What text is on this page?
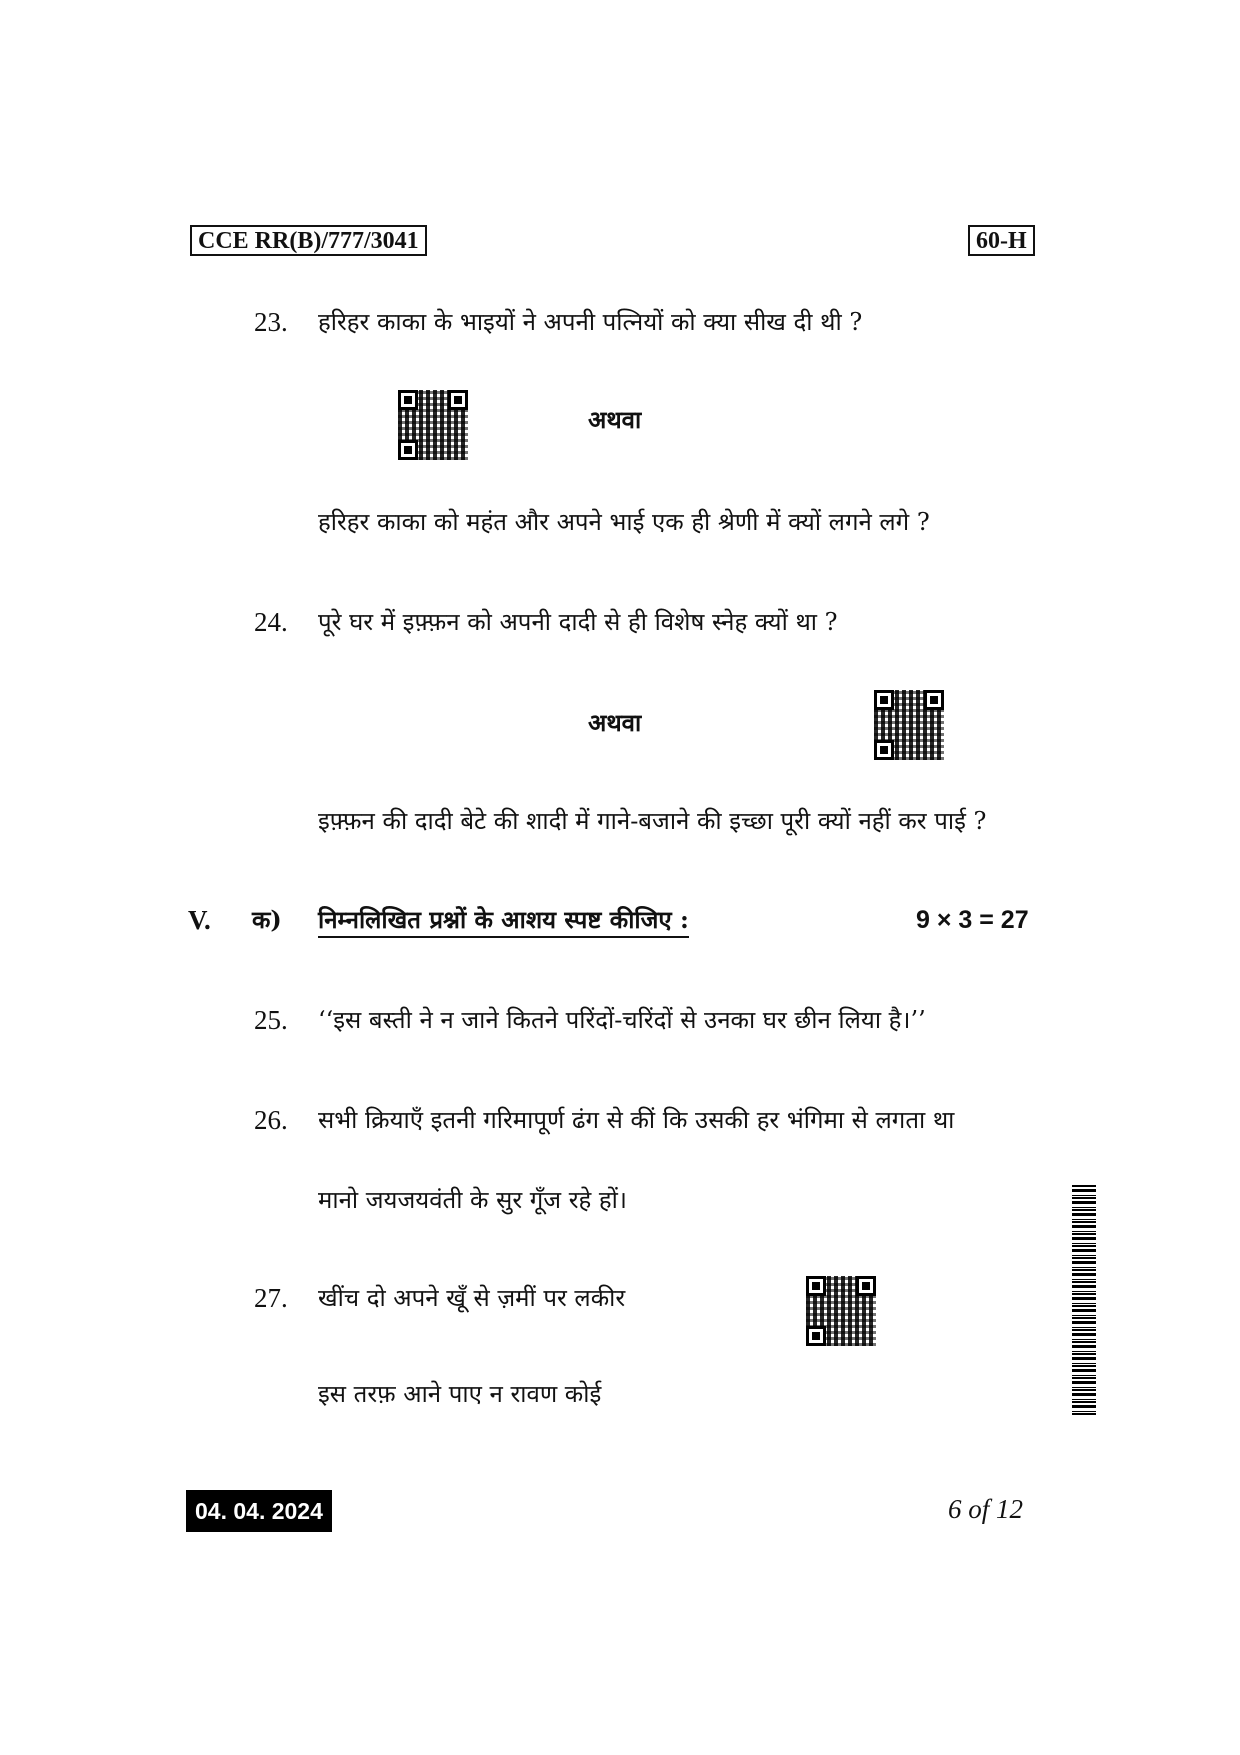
CCE RR(B)/777/3041	60-H
23. हरिहर काका के भाइयों ने अपनी पत्नियों को क्या सीख दी थी ?
अथवा
हरिहर काका को महंत और अपने भाई एक ही श्रेणी में क्यों लगने लगे ?
24. पूरे घर में इफ़्फ़न को अपनी दादी से ही विशेष स्नेह क्यों था ?
अथवा
इफ़्फ़न की दादी बेटे की शादी में गाने-बजाने की इच्छा पूरी क्यों नहीं कर पाई ?
V. क) निम्नलिखित प्रश्नों के आशय स्पष्ट कीजिए :	9 × 3 = 27
25. ‘‘इस बस्ती ने न जाने कितने परिंदों-चरिंदों से उनका घर छीन लिया है।’’
26. सभी क्रियाएँ इतनी गरिमापूर्ण ढंग से कीं कि उसकी हर भंगिमा से लगता था
मानो जयजयवंती के सुर गूँज रहे हों।
27. खींच दो अपने खूँ से ज़मीं पर लकीर
इस तरफ़ आने पाए न रावण कोई
04. 04. 2024	6 of 12
